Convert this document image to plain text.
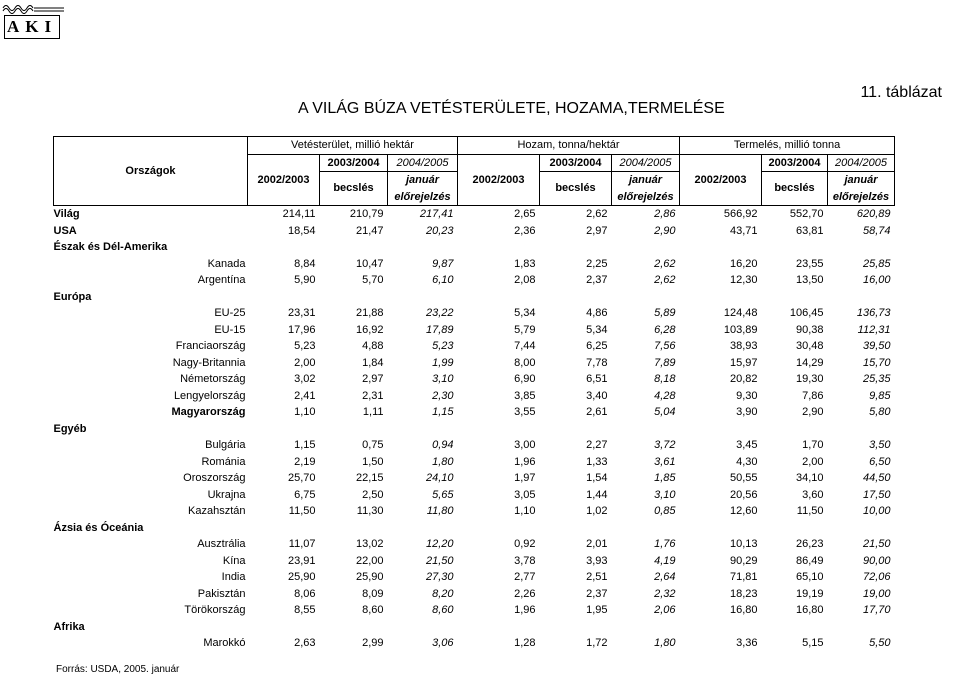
AKI
11. táblázat
A VILÁG BÚZA VETÉSTERÜLETE, HOZAMA,TERMELÉSE
Országok	Vetésterület, millió hektár			Hozam, tonna/hektár			Termelés, millió tonna		
	2002/2003	2003/2004	2004/2005	2002/2003	2003/2004	2004/2005	2002/2003	2003/2004	2004/2005
		becslés	január		becslés	január		becslés	január
			előrejelzés			előrejelzés			előrejelzés
Világ	214,11	210,79	217,41	2,65	2,62	2,86	566,92	552,70	620,89
USA	18,54	21,47	20,23	2,36	2,97	2,90	43,71	63,81	58,74
Észak és Dél-Amerika									
Kanada	8,84	10,47	9,87	1,83	2,25	2,62	16,20	23,55	25,85
Argentína	5,90	5,70	6,10	2,08	2,37	2,62	12,30	13,50	16,00
Európa									
EU-25	23,31	21,88	23,22	5,34	4,86	5,89	124,48	106,45	136,73
EU-15	17,96	16,92	17,89	5,79	5,34	6,28	103,89	90,38	112,31
Franciaország	5,23	4,88	5,23	7,44	6,25	7,56	38,93	30,48	39,50
Nagy-Britannia	2,00	1,84	1,99	8,00	7,78	7,89	15,97	14,29	15,70
Németország	3,02	2,97	3,10	6,90	6,51	8,18	20,82	19,30	25,35
Lengyelország	2,41	2,31	2,30	3,85	3,40	4,28	9,30	7,86	9,85
Magyarország	1,10	1,11	1,15	3,55	2,61	5,04	3,90	2,90	5,80
Egyéb									
Bulgária	1,15	0,75	0,94	3,00	2,27	3,72	3,45	1,70	3,50
Románia	2,19	1,50	1,80	1,96	1,33	3,61	4,30	2,00	6,50
Oroszország	25,70	22,15	24,10	1,97	1,54	1,85	50,55	34,10	44,50
Ukrajna	6,75	2,50	5,65	3,05	1,44	3,10	20,56	3,60	17,50
Kazahsztán	11,50	11,30	11,80	1,10	1,02	0,85	12,60	11,50	10,00
Ázsia és Óceánia									
Ausztrália	11,07	13,02	12,20	0,92	2,01	1,76	10,13	26,23	21,50
Kína	23,91	22,00	21,50	3,78	3,93	4,19	90,29	86,49	90,00
India	25,90	25,90	27,30	2,77	2,51	2,64	71,81	65,10	72,06
Pakisztán	8,06	8,09	8,20	2,26	2,37	2,32	18,23	19,19	19,00
Törökország	8,55	8,60	8,60	1,96	1,95	2,06	16,80	16,80	17,70
Afrika									
Marokkó	2,63	2,99	3,06	1,28	1,72	1,80	3,36	5,15	5,50
Forrás: USDA, 2005. január
